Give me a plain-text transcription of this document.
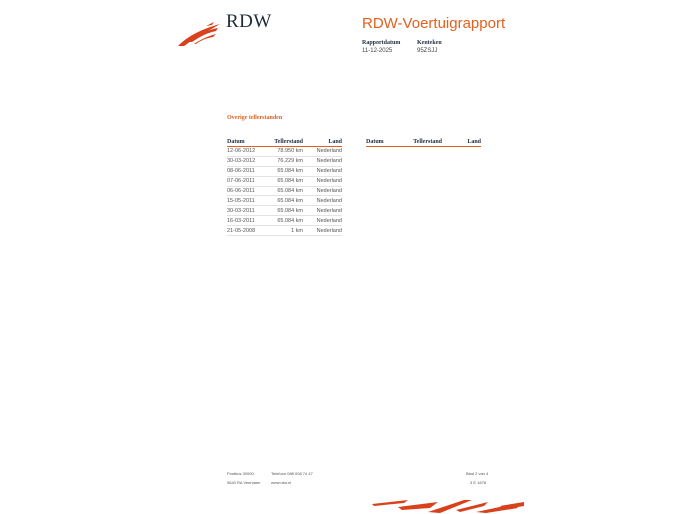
RDW	RDW-Voertuigrapport
Rapportdatum
11-12-2025
Kenteken
95ZSJJ
Overige tellerstanden
Datum	Tellerstand	Land
12-06-2012	78.950 km	Nederland
30-03-2012	76.229 km	Nederland
08-06-2011	65.084 km	Nederland
07-06-2011	65.084 km	Nederland
06-06-2011	65.084 km	Nederland
15-05-2011	65.084 km	Nederland
30-03-2011	65.084 km	Nederland
16-03-2011	65.084 km	Nederland
21-05-2008	1 km	Nederland
Datum	Tellerstand	Land
Postbus 30000
9640 RA Veendam
Telefoon 088 008 74 47
www.rdw.nl
Blad 2 van 4
3 E 1878
